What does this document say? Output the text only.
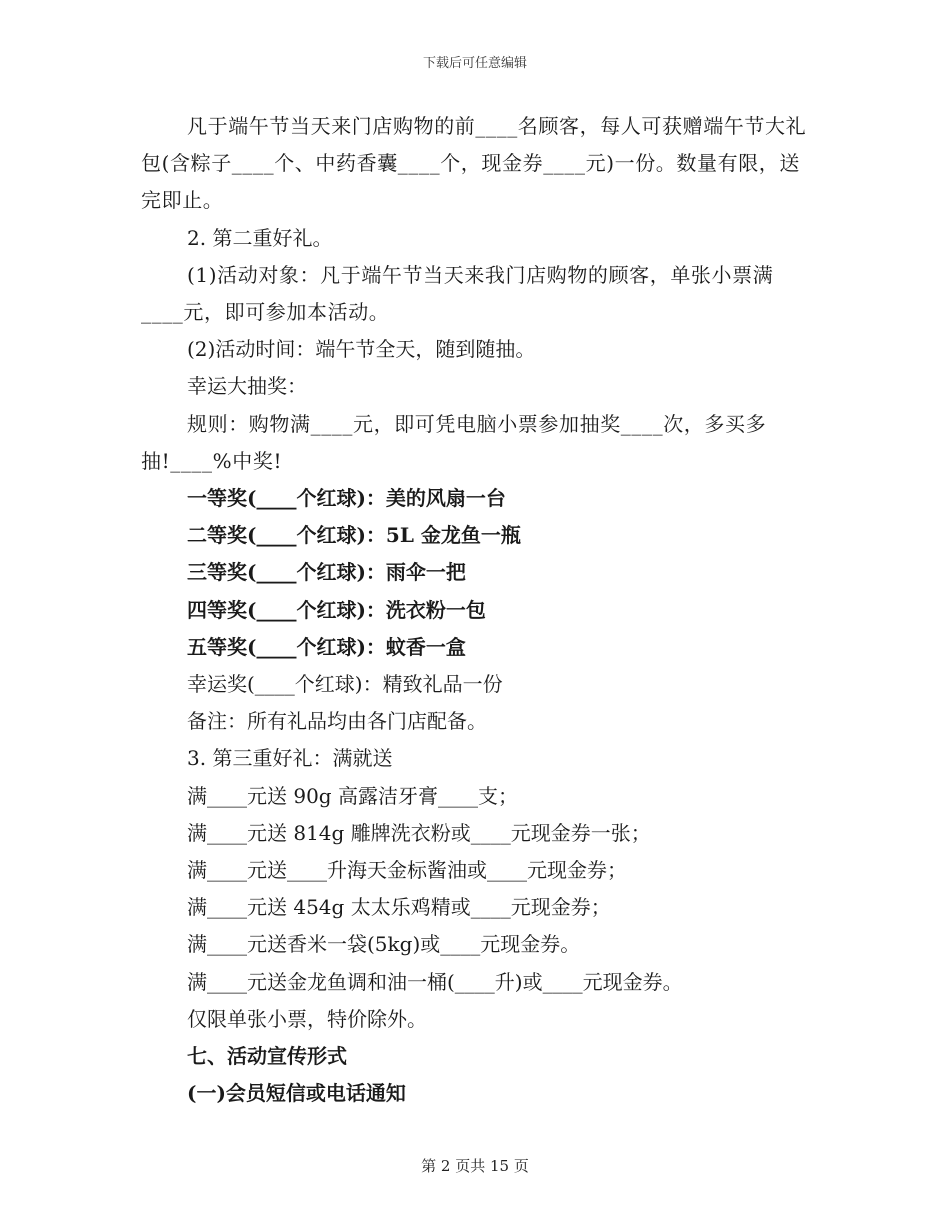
下载后可任意编辑

凡于端午节当天来门店购物的前____名顾客，每人可获赠端午节大礼包(含粽子____个、中药香囊____个，现金券____元)一份。数量有限，送完即止。

2. 第二重好礼。

(1)活动对象：凡于端午节当天来我门店购物的顾客，单张小票满____元，即可参加本活动。

(2)活动时间：端午节全天，随到随抽。

幸运大抽奖：

规则：购物满____元，即可凭电脑小票参加抽奖____次，多买多抽!____%中奖!

一等奖(____个红球)：美的风扇一台

二等奖(____个红球)：5L 金龙鱼一瓶

三等奖(____个红球)：雨伞一把

四等奖(____个红球)：洗衣粉一包

五等奖(____个红球)：蚊香一盒

幸运奖(____个红球)：精致礼品一份

备注：所有礼品均由各门店配备。

3. 第三重好礼：满就送

满____元送 90g 高露洁牙膏____支；

满____元送 814g 雕牌洗衣粉或____元现金券一张；

满____元送____升海天金标酱油或____元现金券；

满____元送 454g 太太乐鸡精或____元现金券；

满____元送香米一袋(5kg)或____元现金券。

满____元送金龙鱼调和油一桶(____升)或____元现金券。

仅限单张小票，特价除外。

七、活动宣传形式

(一)会员短信或电话通知

第 2 页共 15 页
